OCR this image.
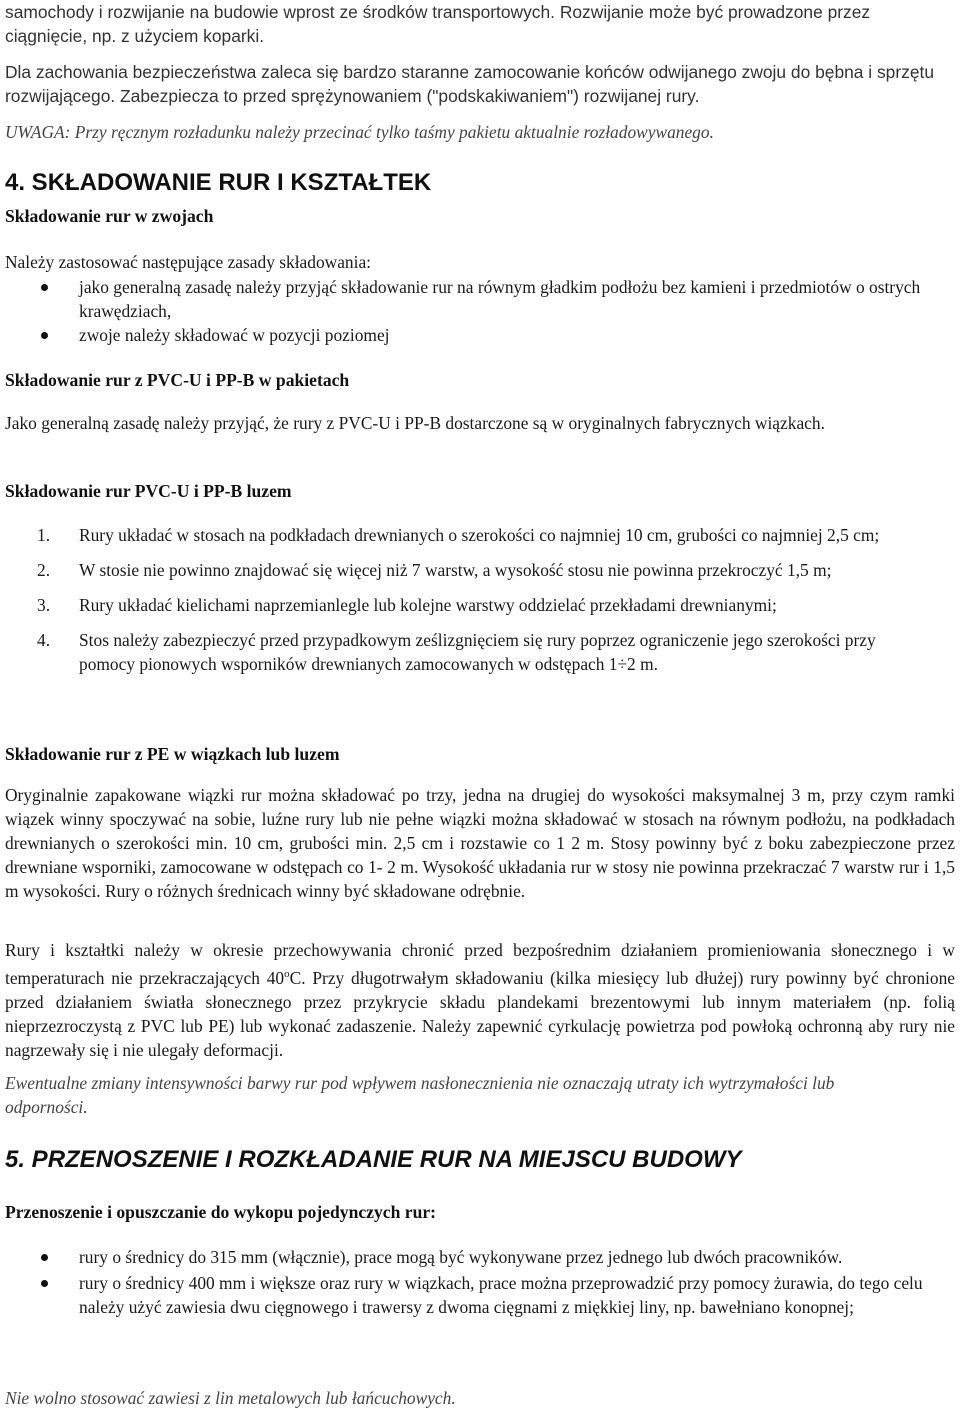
samochody i rozwijanie na budowie wprost ze środków transportowych. Rozwijanie może być prowadzone przez ciągnięcie, np. z użyciem koparki.

Dla zachowania bezpieczeństwa zaleca się bardzo staranne zamocowanie końców odwijanego zwoju do bębna i sprzętu rozwijającego. Zabezpiecza to przed sprężynowaniem ("podskakiwaniem") rozwijanej rury.

UWAGA: Przy ręcznym rozładunku należy przecinać tylko taśmy pakietu aktualnie rozładowywanego.

4. SKŁADOWANIE RUR I KSZTAŁTEK
Składowanie rur w zwojach

Należy zastosować następujące zasady składowania:

jako generalną zasadę należy przyjąć składowanie rur na równym gładkim podłożu bez kamieni i przedmiotów o ostrych krawędziach,
zwoje należy składować w pozycji poziomej
Składowanie rur z PVC-U i PP-B w pakietach

Jako generalną zasadę należy przyjąć, że rury z PVC-U i PP-B dostarczone są w oryginalnych fabrycznych wiązkach.

Składowanie rur PVC-U i PP-B luzem
1. Rury układać w stosach na podkładach drewnianych o szerokości co najmniej 10 cm, grubości co najmniej 2,5 cm;
2. W stosie nie powinno znajdować się więcej niż 7 warstw, a wysokość stosu nie powinna przekroczyć 1,5 m;
3. Rury układać kielichami naprzemianlegle lub kolejne warstwy oddzielać przekładami drewnianymi;
4. Stos należy zabezpieczyć przed przypadkowym ześlizgnięciem się rury poprzez ograniczenie jego szerokości przy pomocy pionowych wsporników drewnianych zamocowanych w odstępach 1÷2 m.
Składowanie rur z PE w wiązkach lub luzem

Oryginalnie zapakowane wiązki rur można składować po trzy, jedna na drugiej do wysokości maksymalnej 3 m, przy czym ramki wiązek winny spoczywać na sobie, luźne rury lub nie pełne wiązki można składować w stosach na równym podłożu, na podkładach drewnianych o szerokości min. 10 cm, grubości min. 2,5 cm i rozstawie co 1 2 m. Stosy powinny być z boku zabezpieczone przez drewniane wsporniki, zamocowane w odstępach co 1- 2 m. Wysokość układania rur w stosy nie powinna przekraczać 7 warstw rur i 1,5 m wysokości. Rury o różnych średnicach winny być składowane odrębnie.

Rury i kształtki należy w okresie przechowywania chronić przed bezpośrednim działaniem promieniowania słonecznego i w temperaturach nie przekraczających 40$^o$C. Przy długotrwałym składowaniu (kilka miesięcy lub dłużej) rury powinny być chronione przed działaniem światła słonecznego przez przykrycie składu plandekami brezentowymi lub innym materiałem (np. folią nieprzezroczystą z PVC lub PE) lub wykonać zadaszenie. Należy zapewnić cyrkulację powietrza pod powłoką ochronną aby rury nie nagrzewały się i nie ulegały deformacji.

Ewentualne zmiany intensywności barwy rur pod wpływem nasłonecznienia nie oznaczają utraty ich wytrzymałości lub odporności.

5. PRZENOSZENIE I ROZKŁADANIE RUR NA MIEJSCU BUDOWY
Przenoszenie i opuszczanie do wykopu pojedynczych rur:
rury o średnicy do 315 mm (włącznie), prace mogą być wykonywane przez jednego lub dwóch pracowników.
rury o średnicy 400 mm i większe oraz rury w wiązkach, prace można przeprowadzić przy pomocy żurawia, do tego celu należy użyć zawiesia dwu cięgnowego i trawersy z dwoma cięgnami z miękkiej liny, np. bawełniano konopnej;

Nie wolno stosować zawiesi z lin metalowych lub łańcuchowych.
